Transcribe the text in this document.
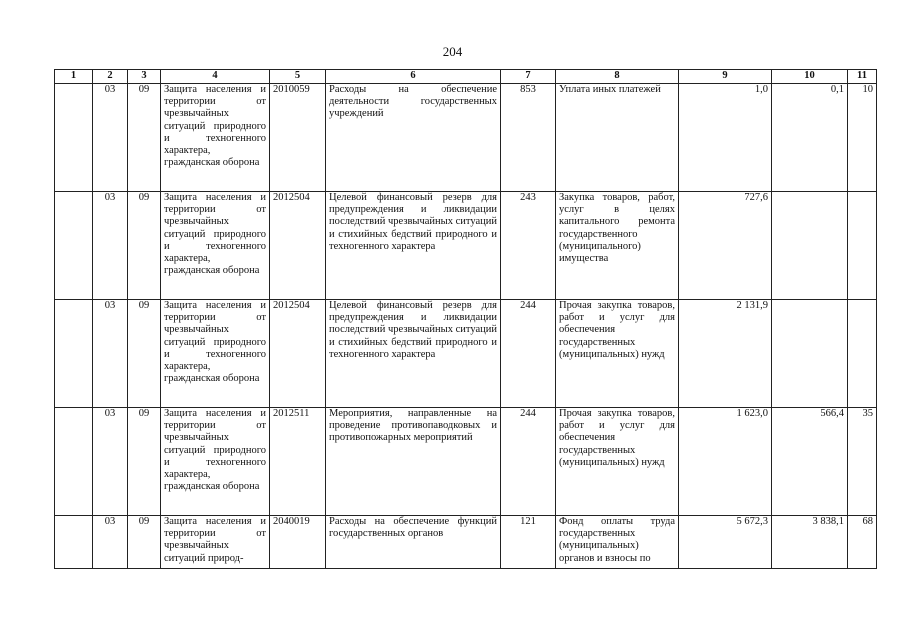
204
1	2	3	4	5	6	7	8	9	10	11
	03	09	Защита населения и территории от чрезвычайных ситуаций природного и техногенного характера, гражданская оборона	2010059	Расходы на обеспечение деятельности государственных учреждений	853	Уплата иных платежей	1,0	0,1	10
	03	09	Защита населения и территории от чрезвычайных ситуаций природного и техногенного характера, гражданская оборона	2012504	Целевой финансовый резерв для предупреждения и ликвидации последствий чрезвычайных ситуаций и стихийных бедствий природного и техногенного характера	243	Закупка товаров, работ, услуг в целях капитального ремонта государственного (муниципального) имущества	727,6		
	03	09	Защита населения и территории от чрезвычайных ситуаций природного и техногенного характера, гражданская оборона	2012504	Целевой финансовый резерв для предупреждения и ликвидации последствий чрезвычайных ситуаций и стихийных бедствий природного и техногенного характера	244	Прочая закупка товаров, работ и услуг для обеспечения государственных (муниципальных) нужд	2 131,9		
	03	09	Защита населения и территории от чрезвычайных ситуаций природного и техногенного характера, гражданская оборона	2012511	Мероприятия, направленные на проведение противопаводковых и противопожарных мероприятий	244	Прочая закупка товаров, работ и услуг для обеспечения государственных (муниципальных) нужд	1 623,0	566,4	35
	03	09	Защита населения и территории от чрезвычайных ситуаций природ-	2040019	Расходы на обеспечение функций государственных органов	121	Фонд оплаты труда государственных (муниципальных) органов и взносы по	5 672,3	3 838,1	68
